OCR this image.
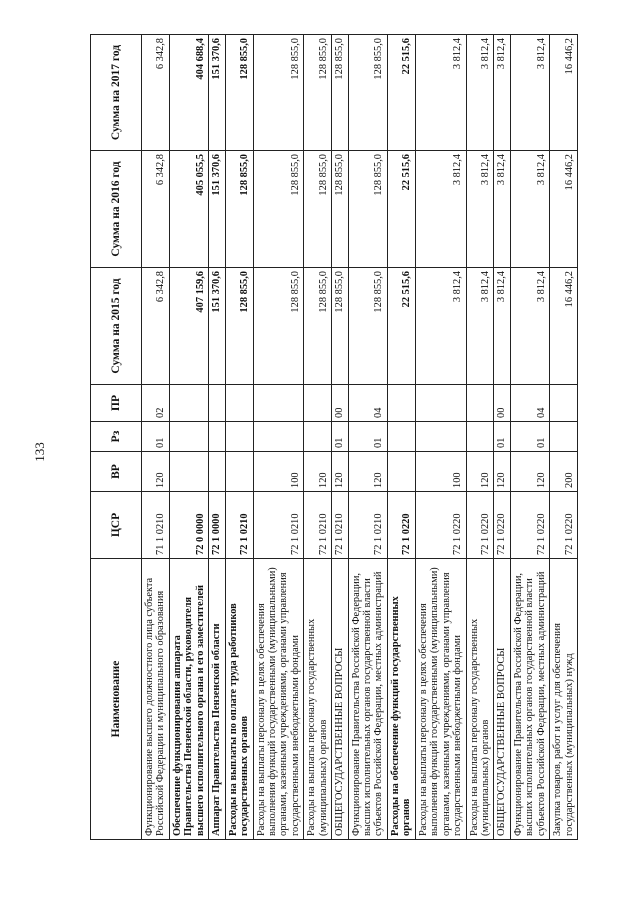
133
Наименование	ЦСР	ВР	Рз	ПР	Сумма на 2015 год	Сумма на 2016 год	Сумма на 2017 год
Функционирование высшего должностного лица субъекта Российской Федерации и муниципального образования	71 1 0210	120	01	02	6 342,8	6 342,8	6 342,8
Обеспечение функционирования аппарата Правительства Пензенской области, руководителя высшего исполнительного органа и его заместителей	72 0 0000				407 159,6	405 055,5	404 688,4
Аппарат Правительства Пензенской области	72 1 0000				151 370,6	151 370,6	151 370,6
Расходы на выплаты по оплате труда работников государственных органов	72 1 0210				128 855,0	128 855,0	128 855,0
Расходы на выплаты персоналу в целях обеспечения выполнения функций государственными (муниципальными) органами, казенными учреждениями, органами управления государственными внебюджетными фондами	72 1 0210	100			128 855,0	128 855,0	128 855,0
Расходы на выплаты персоналу государственных (муниципальных) органов	72 1 0210	120			128 855,0	128 855,0	128 855,0
ОБЩЕГОСУДАРСТВЕННЫЕ ВОПРОСЫ	72 1 0210	120	01	00	128 855,0	128 855,0	128 855,0
Функционирование Правительства Российской Федерации, высших исполнительных органов государственной власти субъектов Российской Федерации, местных администраций	72 1 0210	120	01	04	128 855,0	128 855,0	128 855,0
Расходы на обеспечение функций государственных органов	72 1 0220				22 515,6	22 515,6	22 515,6
Расходы на выплаты персоналу в целях обеспечения выполнения функций государственными (муниципальными) органами, казенными учреждениями, органами управления государственными внебюджетными фондами	72 1 0220	100			3 812,4	3 812,4	3 812,4
Расходы на выплаты персоналу государственных (муниципальных) органов	72 1 0220	120			3 812,4	3 812,4	3 812,4
ОБЩЕГОСУДАРСТВЕННЫЕ ВОПРОСЫ	72 1 0220	120	01	00	3 812,4	3 812,4	3 812,4
Функционирование Правительства Российской Федерации, высших исполнительных органов государственной власти субъектов Российской Федерации, местных администраций	72 1 0220	120	01	04	3 812,4	3 812,4	3 812,4
Закупка товаров, работ и услуг для обеспечения государственных (муниципальных) нужд	72 1 0220	200			16 446,2	16 446,2	16 446,2
